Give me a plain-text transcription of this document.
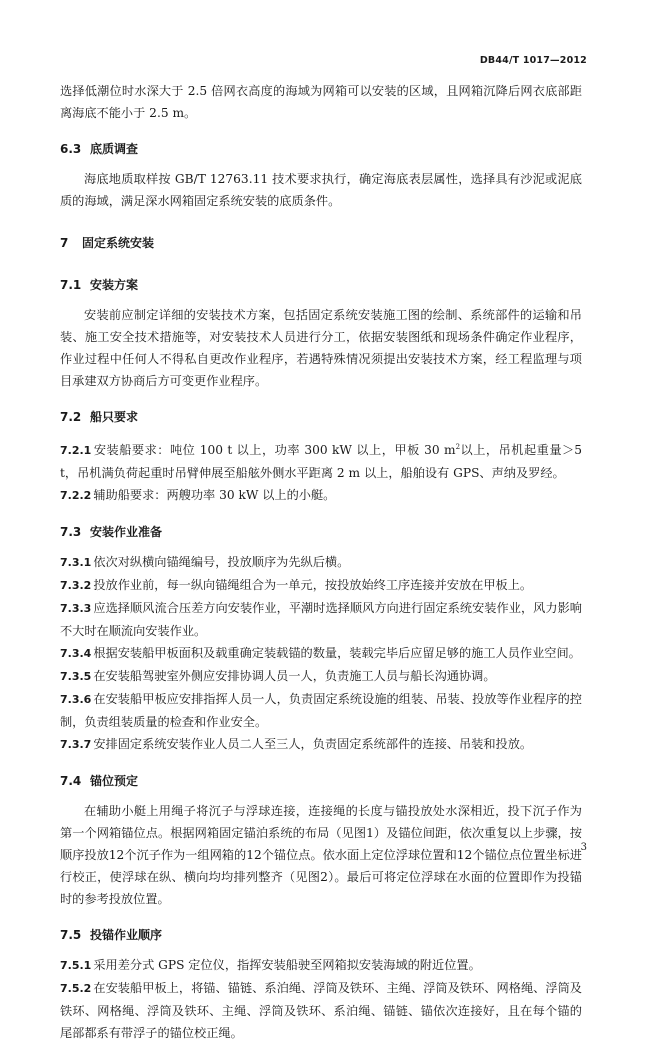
DB44/T 1017—2012

选择低潮位时水深大于 2.5 倍网衣高度的海域为网箱可以安装的区域，且网箱沉降后网衣底部距离海底不能小于 2.5 m。

6.3 底质调查

海底地质取样按 GB/T 12763.11 技术要求执行，确定海底表层属性，选择具有沙泥或泥底质的海域，满足深水网箱固定系统安装的底质条件。

7 固定系统安装

7.1 安装方案

安装前应制定详细的安装技术方案，包括固定系统安装施工图的绘制、系统部件的运输和吊装、施工安全技术措施等，对安装技术人员进行分工，依据安装图纸和现场条件确定作业程序，作业过程中任何人不得私自更改作业程序，若遇特殊情况须提出安装技术方案，经工程监理与项目承建双方协商后方可变更作业程序。

7.2 船只要求

7.2.1 安装船要求：吨位 100 t 以上，功率 300 kW 以上，甲板 30 $m^2$以上，吊机起重量＞5 t，吊机满负荷起重时吊臂伸展至船舷外侧水平距离 2 m 以上，船舶设有 GPS、声纳及罗经。

7.2.2 辅助船要求：两艘功率 30 kW 以上的小艇。

7.3 安装作业准备

7.3.1 依次对纵横向锚绳编号，投放顺序为先纵后横。

7.3.2 投放作业前，每一纵向锚绳组合为一单元，按投放始终工序连接并安放在甲板上。

7.3.3 应选择顺风流合压差方向安装作业，平潮时选择顺风方向进行固定系统安装作业，风力影响不大时在顺流向安装作业。

7.3.4 根据安装船甲板面积及载重确定装载锚的数量，装载完毕后应留足够的施工人员作业空间。

7.3.5 在安装船驾驶室外侧应安排协调人员一人，负责施工人员与船长沟通协调。

7.3.6 在安装船甲板应安排指挥人员一人，负责固定系统设施的组装、吊装、投放等作业程序的控制，负责组装质量的检查和作业安全。

7.3.7 安排固定系统安装作业人员二人至三人，负责固定系统部件的连接、吊装和投放。

7.4 锚位预定

在辅助小艇上用绳子将沉子与浮球连接，连接绳的长度与锚投放处水深相近，投下沉子作为第一个网箱锚位点。根据网箱固定锚泊系统的布局（见图1）及锚位间距，依次重复以上步骤，按顺序投放12个沉子作为一组网箱的12个锚位点。依水面上定位浮球位置和12个锚位点位置坐标进行校正，使浮球在纵、横向均均排列整齐（见图2）。最后可将定位浮球在水面的位置即作为投锚时的参考投放位置。

7.5 投锚作业顺序

7.5.1 采用差分式 GPS 定位仪，指挥安装船驶至网箱拟安装海域的附近位置。

7.5.2 在安装船甲板上，将锚、锚链、系泊绳、浮筒及铁环、主绳、浮筒及铁环、网格绳、浮筒及铁环、网格绳、浮筒及铁环、主绳、浮筒及铁环、系泊绳、锚链、锚依次连接好，且在每个锚的尾部都系有带浮子的锚位校正绳。

3
